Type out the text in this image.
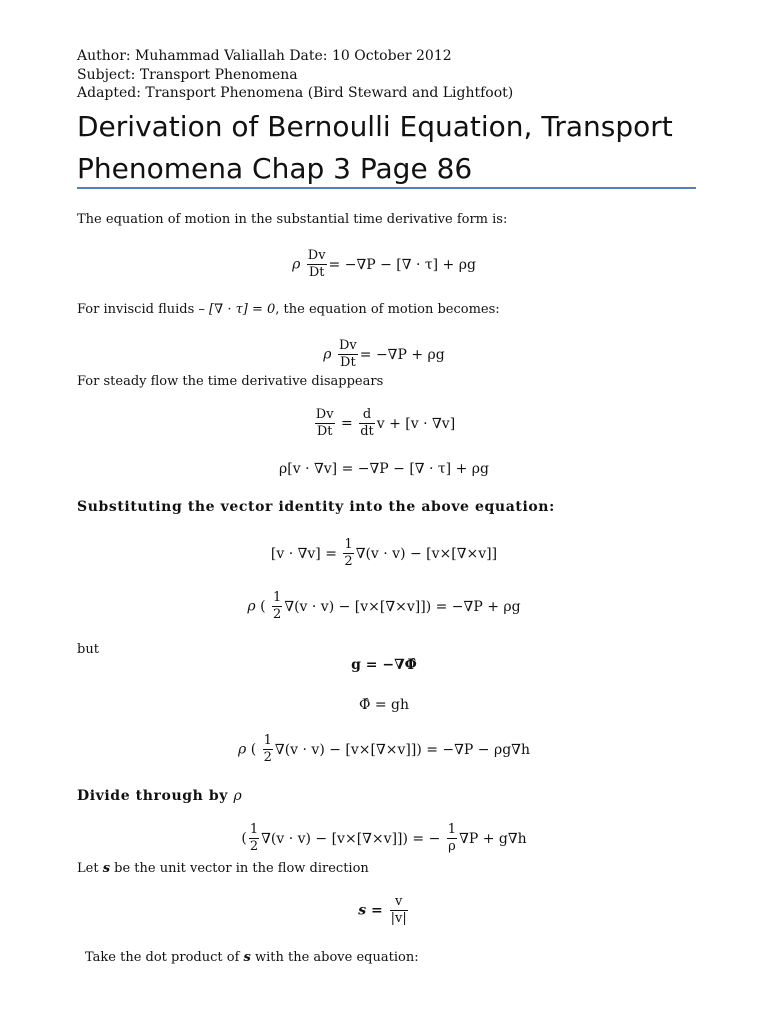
Author: Muhammad Valiallah Date: 10 October 2012
Subject: Transport Phenomena
Adapted: Transport Phenomena (Bird Steward and Lightfoot)
Derivation of Bernoulli Equation, Transport
Phenomena Chap 3 Page 86
The equation of motion in the substantial time derivative form is:
ρ $\frac{Dv}{Dt} = -\nabla P$ − [∇ · τ] + ρg
For inviscid fluids – [∇ · τ] = 0, the equation of motion becomes:
ρ $\frac{Dv}{Dt} = -\nabla P + \rho g$
For steady flow the time derivative disappears
$\frac{Dv}{Dt} = \frac{d}{dt}$ v + [v · ∇v]
ρ[v · ∇v] = −∇P − [∇ · τ] + ρg
Substituting the vector identity into the above equation:
$[v \cdot \nabla v] = \frac{1}{2} \nabla(v \cdot v) - [v\times[\nabla\times v]]$
ρ ( $\frac{1}{2} \nabla(v \cdot v) - [v\times[\nabla\times v]]) = -\nabla P + \rho g$
but
g = −∇Φ̂
Φ̂ = gh
ρ ( $\frac{1}{2} \nabla(v \cdot v) - [v\times[\nabla\times v]]) = -\nabla P - \rho g\nabla h$
Divide through by ρ
( $\frac{1}{2} \nabla(v \cdot v) - [v\times[\nabla\times v]]$) = − $\frac{1}{\rho} \nabla P + g\nabla h$
Let s be the unit vector in the flow direction
$s = \frac{v}{|v|}$
Take the dot product of s with the above equation:
